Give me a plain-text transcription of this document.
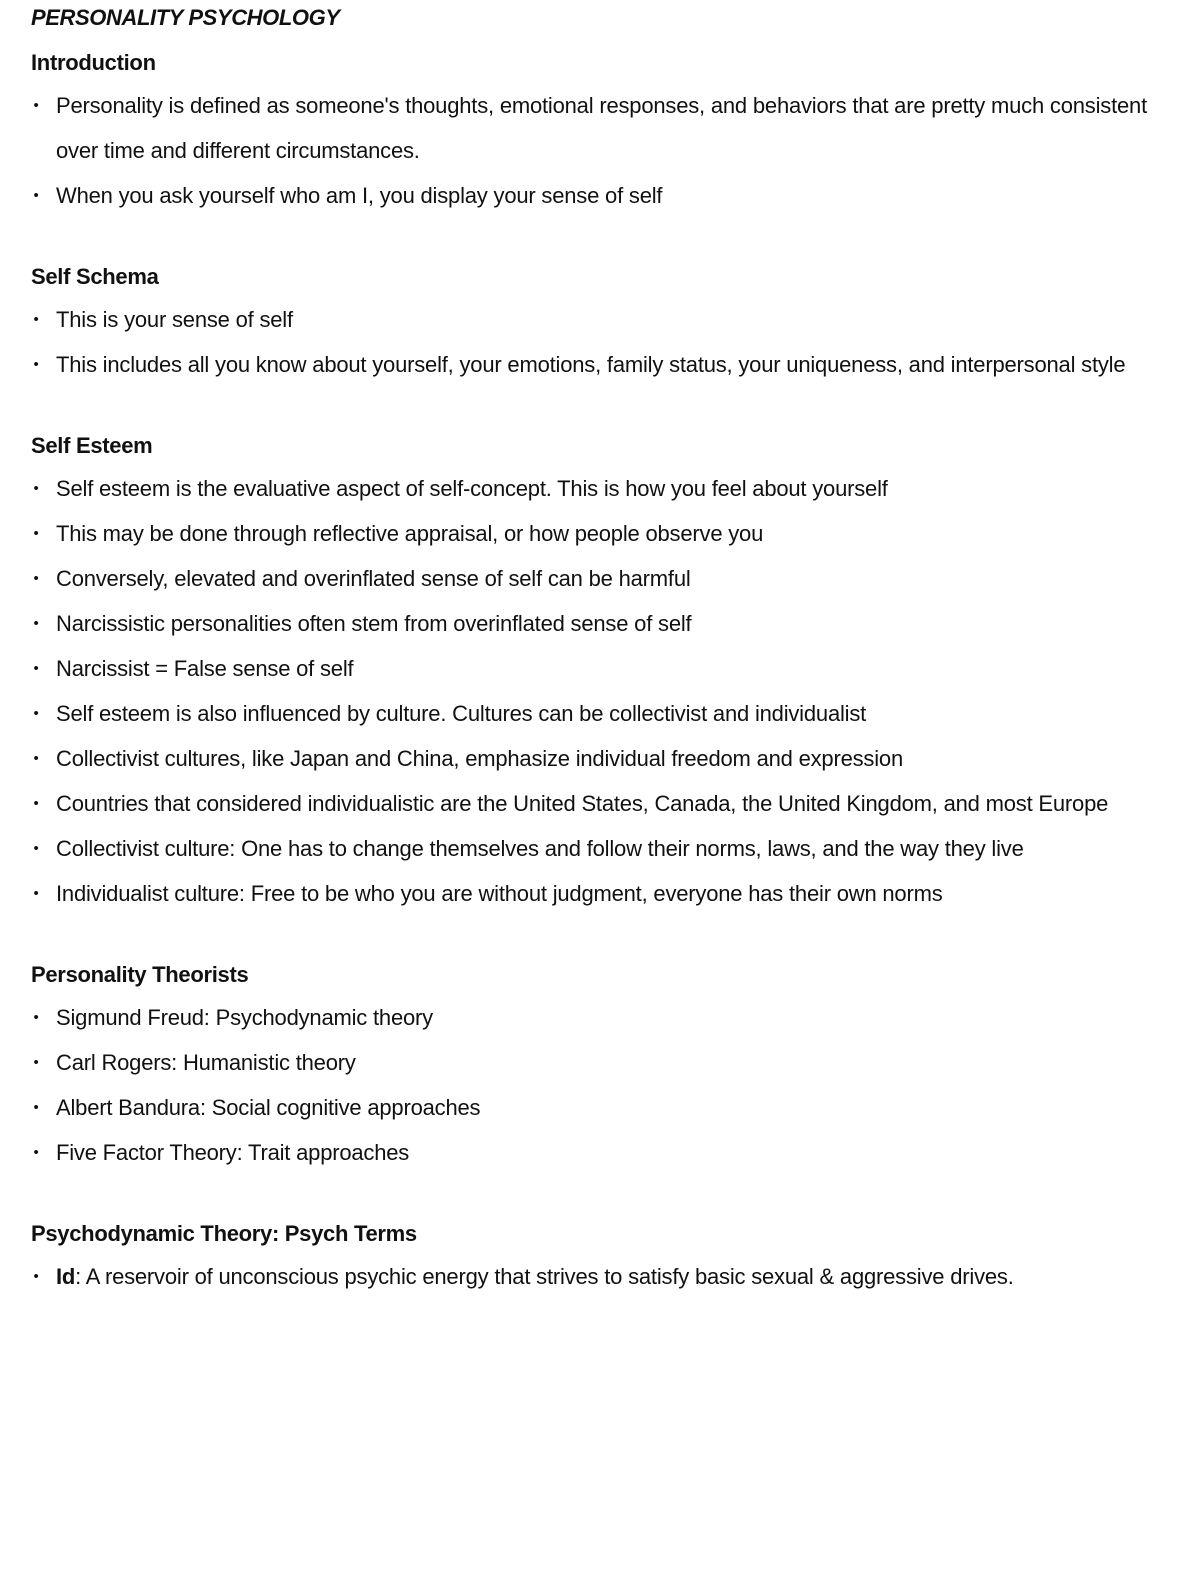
PERSONALITY PSYCHOLOGY
Introduction
• Personality is defined as someone's thoughts, emotional responses, and behaviors that are pretty much consistent over time and different circumstances.
• When you ask yourself who am I, you display your sense of self
Self Schema
• This is your sense of self
• This includes all you know about yourself, your emotions, family status, your uniqueness, and interpersonal style
Self Esteem
• Self esteem is the evaluative aspect of self-concept. This is how you feel about yourself
• This may be done through reflective appraisal, or how people observe you
• Conversely, elevated and overinflated sense of self can be harmful
• Narcissistic personalities often stem from overinflated sense of self
• Narcissist = False sense of self
• Self esteem is also influenced by culture. Cultures can be collectivist and individualist
• Collectivist cultures, like Japan and China, emphasize individual freedom and expression
• Countries that considered individualistic are the United States, Canada, the United Kingdom, and most Europe
• Collectivist culture: One has to change themselves and follow their norms, laws, and the way they live
• Individualist culture: Free to be who you are without judgment, everyone has their own norms
Personality Theorists
• Sigmund Freud: Psychodynamic theory
• Carl Rogers: Humanistic theory
• Albert Bandura: Social cognitive approaches
• Five Factor Theory: Trait approaches
Psychodynamic Theory: Psych Terms
• Id: A reservoir of unconscious psychic energy that strives to satisfy basic sexual & aggressive drives.
